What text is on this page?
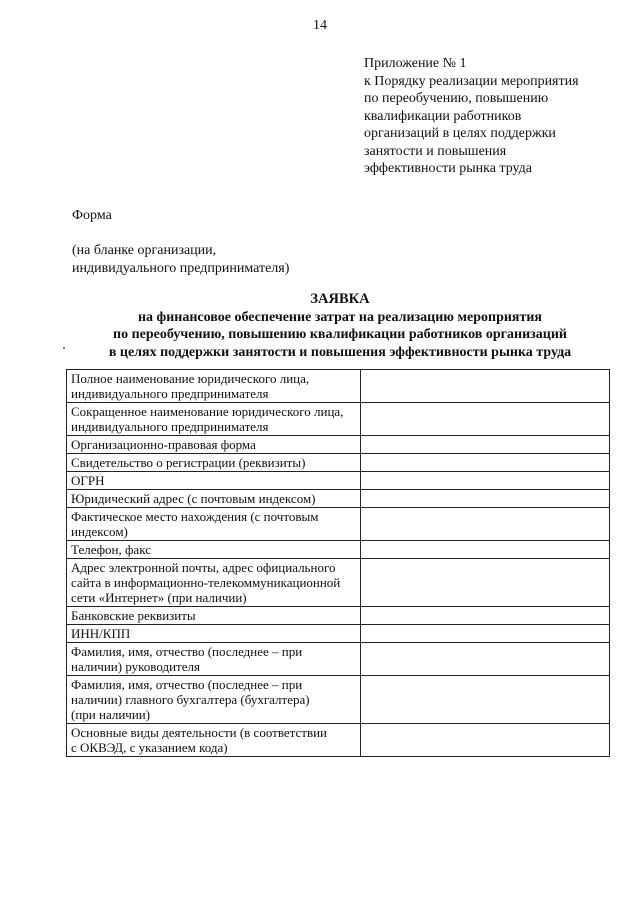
14
Приложение № 1
к Порядку реализации мероприятия
по переобучению, повышению
квалификации работников
организаций в целях поддержки
занятости и повышения
эффективности рынка труда
Форма
(на бланке организации,
индивидуального предпринимателя)
ЗАЯВКА
на финансовое обеспечение затрат на реализацию мероприятия
по переобучению, повышению квалификации работников организаций
в целях поддержки занятости и повышения эффективности рынка труда
Полное наименование юридического лица,
индивидуального предпринимателя	
Сокращенное наименование юридического лица,
индивидуального предпринимателя	
Организационно-правовая форма	
Свидетельство о регистрации (реквизиты)	
ОГРН	
Юридический адрес (с почтовым индексом)	
Фактическое место нахождения (с почтовым
индексом)	
Телефон, факс	
Адрес электронной почты, адрес официального
сайта в информационно-телекоммуникационной
сети «Интернет» (при наличии)	
Банковские реквизиты	
ИНН/КПП	
Фамилия, имя, отчество (последнее – при
наличии) руководителя	
Фамилия, имя, отчество (последнее – при
наличии) главного бухгалтера (бухгалтера)
(при наличии)	
Основные виды деятельности (в соответствии
с ОКВЭД, с указанием кода)	
